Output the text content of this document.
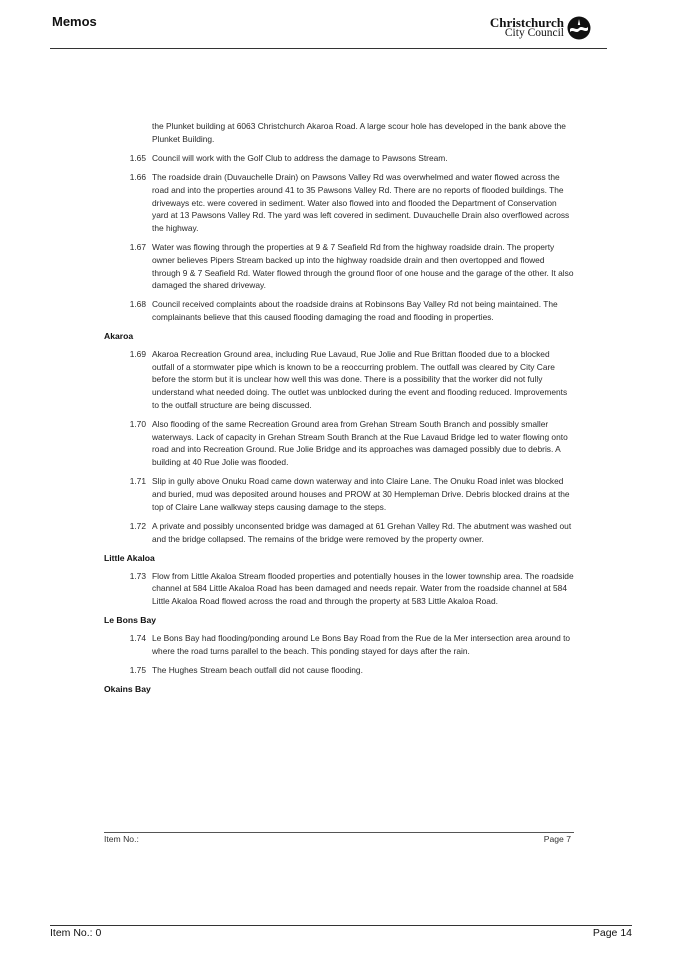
Memos	Christchurch
City Council
the Plunket building at 6063 Christchurch Akaroa Road. A large scour hole has developed in the bank above the Plunket Building.
1.65 Council will work with the Golf Club to address the damage to Pawsons Stream.
1.66 The roadside drain (Duvauchelle Drain) on Pawsons Valley Rd was overwhelmed and water flowed across the road and into the properties around 41 to 35 Pawsons Valley Rd. There are no reports of flooded buildings. The driveways etc. were covered in sediment. Water also flowed into and flooded the Department of Conservation yard at 13 Pawsons Valley Rd. The yard was left covered in sediment. Duvauchelle Drain also overflowed across the highway.
1.67 Water was flowing through the properties at 9 & 7 Seafield Rd from the highway roadside drain. The property owner believes Pipers Stream backed up into the highway roadside drain and then overtopped and flowed through 9 & 7 Seafield Rd. Water flowed through the ground floor of one house and the garage of the other. It also damaged the shared driveway.
1.68 Council received complaints about the roadside drains at Robinsons Bay Valley Rd not being maintained. The complainants believe that this caused flooding damaging the road and flooding in properties.
Akaroa
1.69 Akaroa Recreation Ground area, including Rue Lavaud, Rue Jolie and Rue Brittan flooded due to a blocked outfall of a stormwater pipe which is known to be a reoccurring problem. The outfall was cleared by City Care before the storm but it is unclear how well this was done. There is a possibility that the worker did not fully understand what needed doing. The outlet was unblocked during the event and flooding reduced. Improvements to the outfall structure are being discussed.
1.70 Also flooding of the same Recreation Ground area from Grehan Stream South Branch and possibly smaller waterways. Lack of capacity in Grehan Stream South Branch at the Rue Lavaud Bridge led to water flowing onto road and into Recreation Ground. Rue Jolie Bridge and its approaches was damaged possibly due to debris. A building at 40 Rue Jolie was flooded.
1.71 Slip in gully above Onuku Road came down waterway and into Claire Lane. The Onuku Road inlet was blocked and buried, mud was deposited around houses and PROW at 30 Hempleman Drive. Debris blocked drains at the top of Claire Lane walkway steps causing damage to the steps.
1.72 A private and possibly unconsented bridge was damaged at 61 Grehan Valley Rd. The abutment was washed out and the bridge collapsed. The remains of the bridge were removed by the property owner.
Little Akaloa
1.73 Flow from Little Akaloa Stream flooded properties and potentially houses in the lower township area. The roadside channel at 584 Little Akaloa Road has been damaged and needs repair. Water from the roadside channel at 584 Little Akaloa Road flowed across the road and through the property at 583 Little Akaloa Road.
Le Bons Bay
1.74 Le Bons Bay had flooding/ponding around Le Bons Bay Road from the Rue de la Mer intersection area around to where the road turns parallel to the beach. This ponding stayed for days after the rain.
1.75 The Hughes Stream beach outfall did not cause flooding.
Okains Bay
Item No.:	Page 7
Item No.: 0	Page 14
